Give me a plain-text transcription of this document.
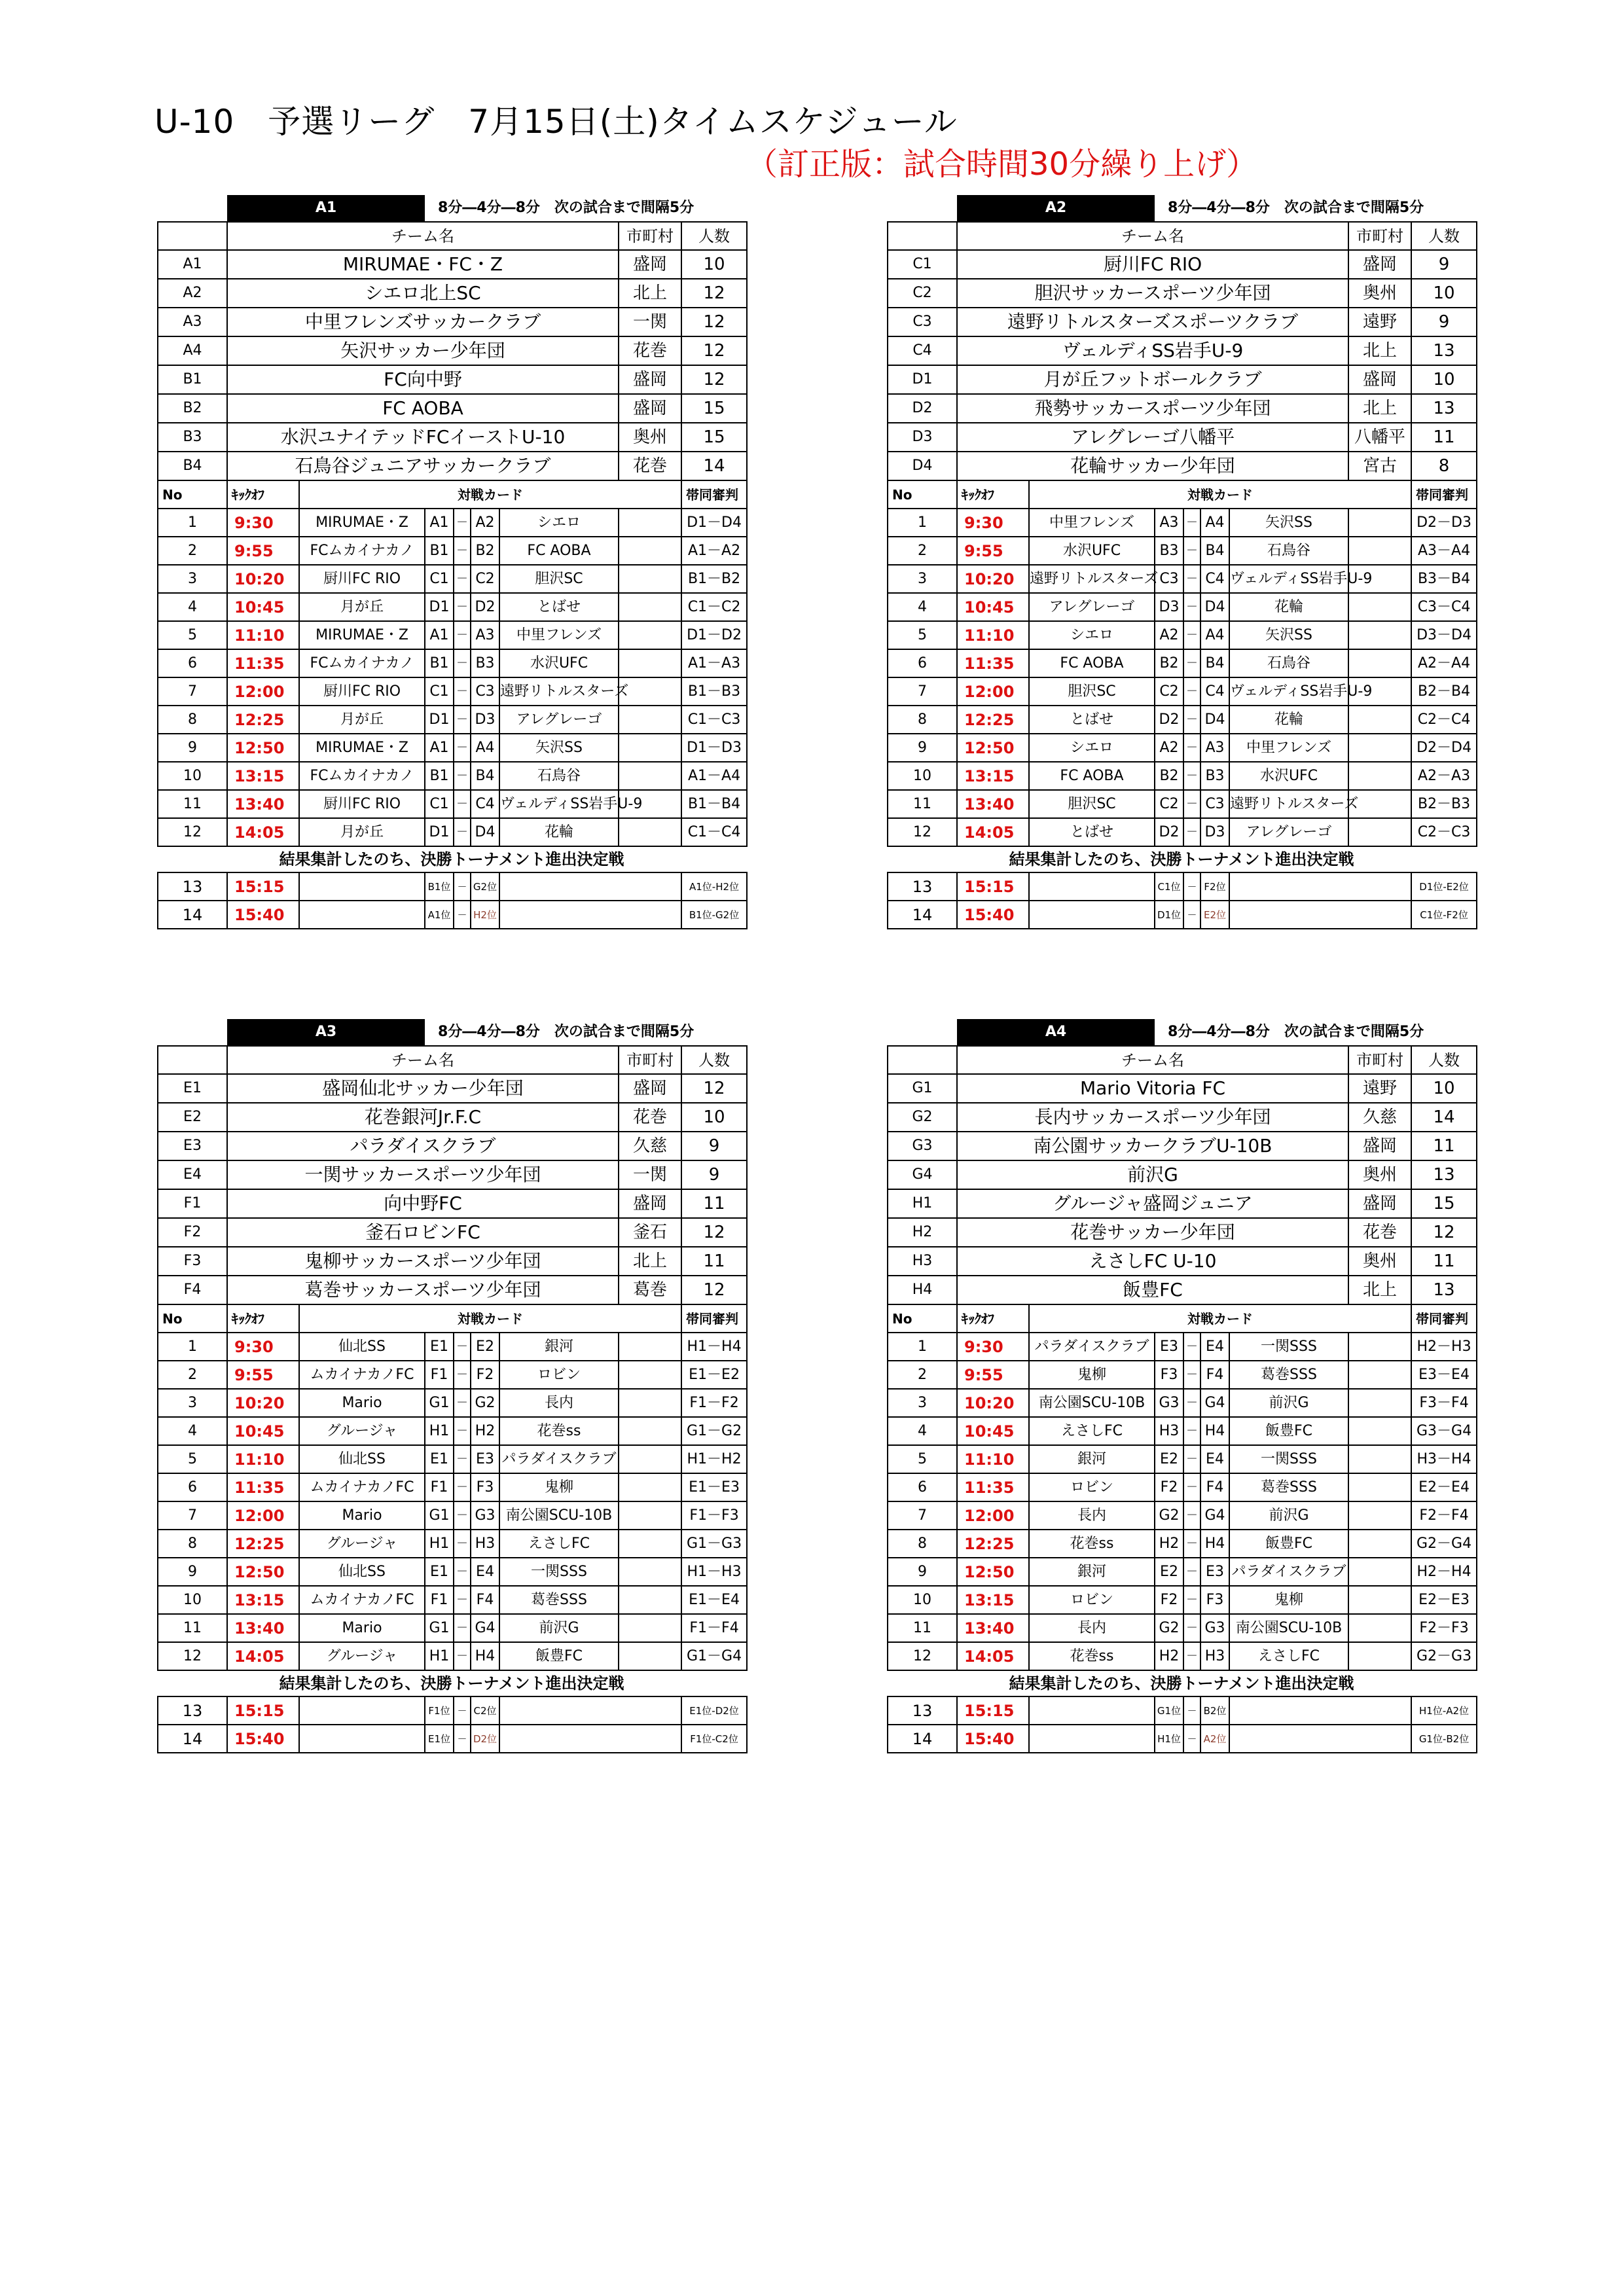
U-10　予選リーグ　7月15日(土)タイムスケジュール
（訂正版：試合時間30分繰り上げ）
	A1	8分―4分―8分　次の試合まで間隔5分
	チーム名	市町村	人数
A1	MIRUMAE・FC・Z	盛岡	10
A2	シエロ北上SC	北上	12
A3	中里フレンズサッカークラブ	一関	12
A4	矢沢サッカー少年団	花巻	12
B1	FC向中野	盛岡	12
B2	FC AOBA	盛岡	15
B3	水沢ユナイテッドFCイーストU-10	奥州	15
B4	石鳥谷ジュニアサッカークラブ	花巻	14
No	ｷｯｸｵﾌ	対戦カード	帯同審判
1	9:30	MIRUMAE・Z	A1	－	A2	シエロ		D1－D4
2	9:55	FCムカイナカノ	B1	－	B2	FC AOBA		A1－A2
3	10:20	厨川FC RIO	C1	－	C2	胆沢SC		B1－B2
4	10:45	月が丘	D1	－	D2	とばせ		C1－C2
5	11:10	MIRUMAE・Z	A1	－	A3	中里フレンズ		D1－D2
6	11:35	FCムカイナカノ	B1	－	B3	水沢UFC		A1－A3
7	12:00	厨川FC RIO	C1	－	C3	遠野リトルスターズ		B1－B3
8	12:25	月が丘	D1	－	D3	アレグレーゴ		C1－C3
9	12:50	MIRUMAE・Z	A1	－	A4	矢沢SS		D1－D3
10	13:15	FCムカイナカノ	B1	－	B4	石鳥谷		A1－A4
11	13:40	厨川FC RIO	C1	－	C4	ヴェルディSS岩手U-9		B1－B4
12	14:05	月が丘	D1	－	D4	花輪		C1－C4
結果集計したのち、決勝トーナメント進出決定戦
13	15:15		B1位	－	G2位		A1位-H2位
14	15:40		A1位	－	H2位		B1位-G2位
	A2	8分―4分―8分　次の試合まで間隔5分
	チーム名	市町村	人数
C1	厨川FC RIO	盛岡	9
C2	胆沢サッカースポーツ少年団	奥州	10
C3	遠野リトルスターズスポーツクラブ	遠野	9
C4	ヴェルディSS岩手U-9	北上	13
D1	月が丘フットボールクラブ	盛岡	10
D2	飛勢サッカースポーツ少年団	北上	13
D3	アレグレーゴ八幡平	八幡平	11
D4	花輪サッカー少年団	宮古	8
No	ｷｯｸｵﾌ	対戦カード	帯同審判
1	9:30	中里フレンズ	A3	－	A4	矢沢SS		D2－D3
2	9:55	水沢UFC	B3	－	B4	石鳥谷		A3－A4
3	10:20	遠野リトルスターズ	C3	－	C4	ヴェルディSS岩手U-9		B3－B4
4	10:45	アレグレーゴ	D3	－	D4	花輪		C3－C4
5	11:10	シエロ	A2	－	A4	矢沢SS		D3－D4
6	11:35	FC AOBA	B2	－	B4	石鳥谷		A2－A4
7	12:00	胆沢SC	C2	－	C4	ヴェルディSS岩手U-9		B2－B4
8	12:25	とばせ	D2	－	D4	花輪		C2－C4
9	12:50	シエロ	A2	－	A3	中里フレンズ		D2－D4
10	13:15	FC AOBA	B2	－	B3	水沢UFC		A2－A3
11	13:40	胆沢SC	C2	－	C3	遠野リトルスターズ		B2－B3
12	14:05	とばせ	D2	－	D3	アレグレーゴ		C2－C3
結果集計したのち、決勝トーナメント進出決定戦
13	15:15		C1位	－	F2位		D1位-E2位
14	15:40		D1位	－	E2位		C1位-F2位
	A3	8分―4分―8分　次の試合まで間隔5分
	チーム名	市町村	人数
E1	盛岡仙北サッカー少年団	盛岡	12
E2	花巻銀河Jr.F.C	花巻	10
E3	パラダイスクラブ	久慈	9
E4	一関サッカースポーツ少年団	一関	9
F1	向中野FC	盛岡	11
F2	釜石ロビンFC	釜石	12
F3	鬼柳サッカースポーツ少年団	北上	11
F4	葛巻サッカースポーツ少年団	葛巻	12
No	ｷｯｸｵﾌ	対戦カード	帯同審判
1	9:30	仙北SS	E1	－	E2	銀河		H1－H4
2	9:55	ムカイナカノFC	F1	－	F2	ロビン		E1－E2
3	10:20	Mario	G1	－	G2	長内		F1－F2
4	10:45	グルージャ	H1	－	H2	花巻ss		G1－G2
5	11:10	仙北SS	E1	－	E3	パラダイスクラブ		H1－H2
6	11:35	ムカイナカノFC	F1	－	F3	鬼柳		E1－E3
7	12:00	Mario	G1	－	G3	南公園SCU-10B		F1－F3
8	12:25	グルージャ	H1	－	H3	えさしFC		G1－G3
9	12:50	仙北SS	E1	－	E4	一関SSS		H1－H3
10	13:15	ムカイナカノFC	F1	－	F4	葛巻SSS		E1－E4
11	13:40	Mario	G1	－	G4	前沢G		F1－F4
12	14:05	グルージャ	H1	－	H4	飯豊FC		G1－G4
結果集計したのち、決勝トーナメント進出決定戦
13	15:15		F1位	－	C2位		E1位-D2位
14	15:40		E1位	－	D2位		F1位-C2位
	A4	8分―4分―8分　次の試合まで間隔5分
	チーム名	市町村	人数
G1	Mario Vitoria FC	遠野	10
G2	長内サッカースポーツ少年団	久慈	14
G3	南公園サッカークラブU-10B	盛岡	11
G4	前沢G	奥州	13
H1	グルージャ盛岡ジュニア	盛岡	15
H2	花巻サッカー少年団	花巻	12
H3	えさしFC U-10	奥州	11
H4	飯豊FC	北上	13
No	ｷｯｸｵﾌ	対戦カード	帯同審判
1	9:30	パラダイスクラブ	E3	－	E4	一関SSS		H2－H3
2	9:55	鬼柳	F3	－	F4	葛巻SSS		E3－E4
3	10:20	南公園SCU-10B	G3	－	G4	前沢G		F3－F4
4	10:45	えさしFC	H3	－	H4	飯豊FC		G3－G4
5	11:10	銀河	E2	－	E4	一関SSS		H3－H4
6	11:35	ロビン	F2	－	F4	葛巻SSS		E2－E4
7	12:00	長内	G2	－	G4	前沢G		F2－F4
8	12:25	花巻ss	H2	－	H4	飯豊FC		G2－G4
9	12:50	銀河	E2	－	E3	パラダイスクラブ		H2－H4
10	13:15	ロビン	F2	－	F3	鬼柳		E2－E3
11	13:40	長内	G2	－	G3	南公園SCU-10B		F2－F3
12	14:05	花巻ss	H2	－	H3	えさしFC		G2－G3
結果集計したのち、決勝トーナメント進出決定戦
13	15:15		G1位	－	B2位		H1位-A2位
14	15:40		H1位	－	A2位		G1位-B2位
